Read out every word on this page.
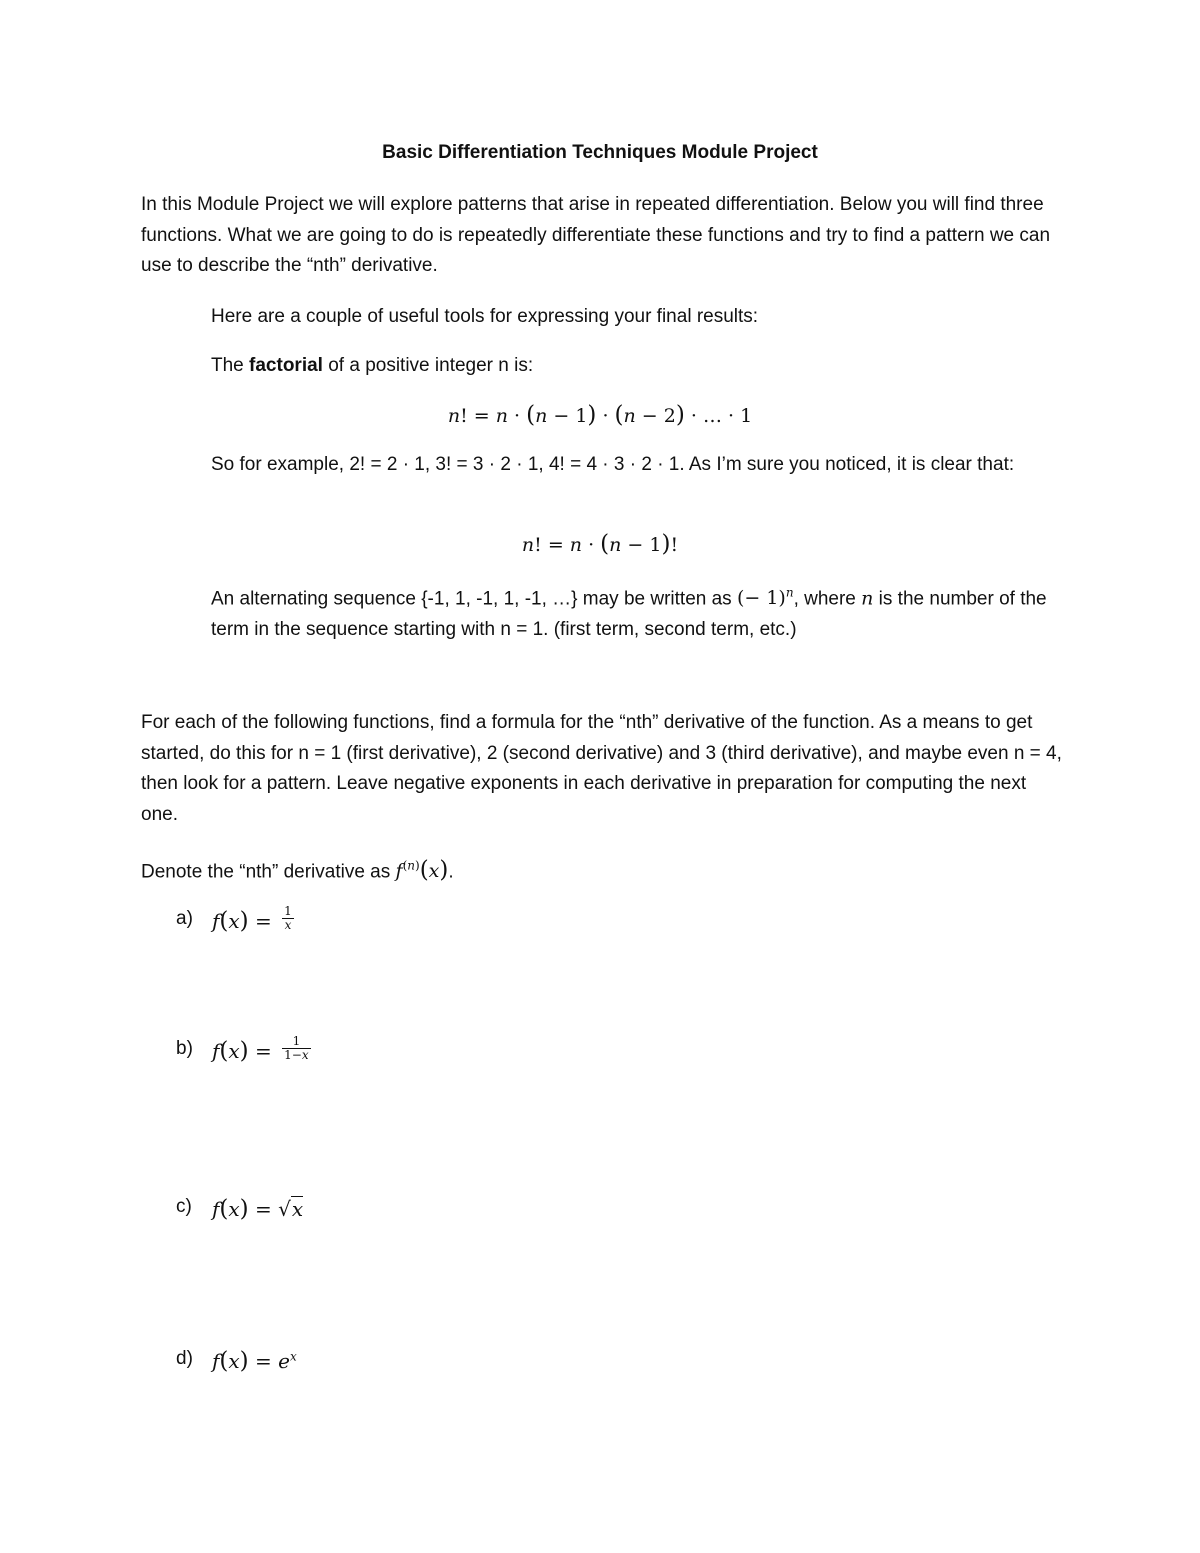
Basic Differentiation Techniques Module Project

In this Module Project we will explore patterns that arise in repeated differentiation. Below you will find three functions. What we are going to do is repeatedly differentiate these functions and try to find a pattern we can use to describe the “nth” derivative.

Here are a couple of useful tools for expressing your final results:

The factorial of a positive integer n is:

n! = n · (n − 1) · (n − 2) · … · 1

So for example, 2! = 2 · 1, 3! = 3 · 2 · 1, 4! = 4 · 3 · 2 · 1. As I’m sure you noticed, it is clear that:

n! = n · (n − 1)!

An alternating sequence {-1, 1, -1, 1, -1, …} may be written as (− 1)$^n$, where n is the number of the term in the sequence starting with n = 1. (first term, second term, etc.)

For each of the following functions, find a formula for the “nth” derivative of the function. As a means to get started, do this for n = 1 (first derivative), 2 (second derivative) and 3 (third derivative), and maybe even n = 4, then look for a pattern. Leave negative exponents in each derivative in preparation for computing the next one.

Denote the “nth” derivative as $f^{(n)}(x)$.

a) $f(x) = \frac{1}{x}$
b) $f(x) = \frac{1}{1-x}$
c) f(x) = √x
d) $f(x) = e^x$
